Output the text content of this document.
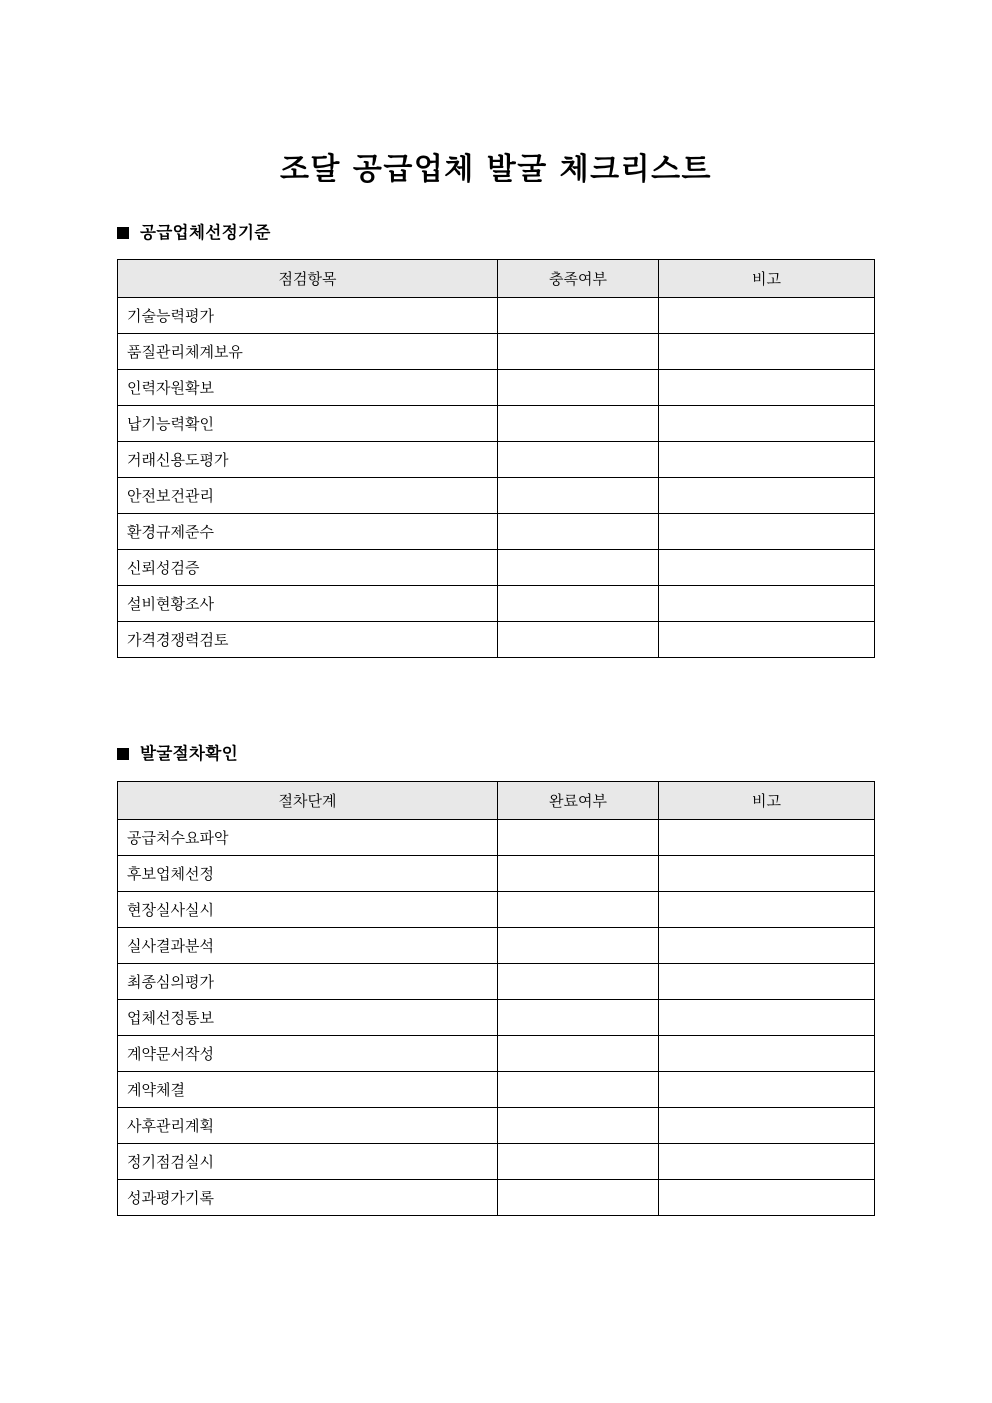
조달 공급업체 발굴 체크리스트
공급업체선정기준
점검항목	충족여부	비고
기술능력평가		
품질관리체계보유		
인력자원확보		
납기능력확인		
거래신용도평가		
안전보건관리		
환경규제준수		
신뢰성검증		
설비현황조사		
가격경쟁력검토		
발굴절차확인
절차단계	완료여부	비고
공급처수요파악		
후보업체선정		
현장실사실시		
실사결과분석		
최종심의평가		
업체선정통보		
계약문서작성		
계약체결		
사후관리계획		
정기점검실시		
성과평가기록		
